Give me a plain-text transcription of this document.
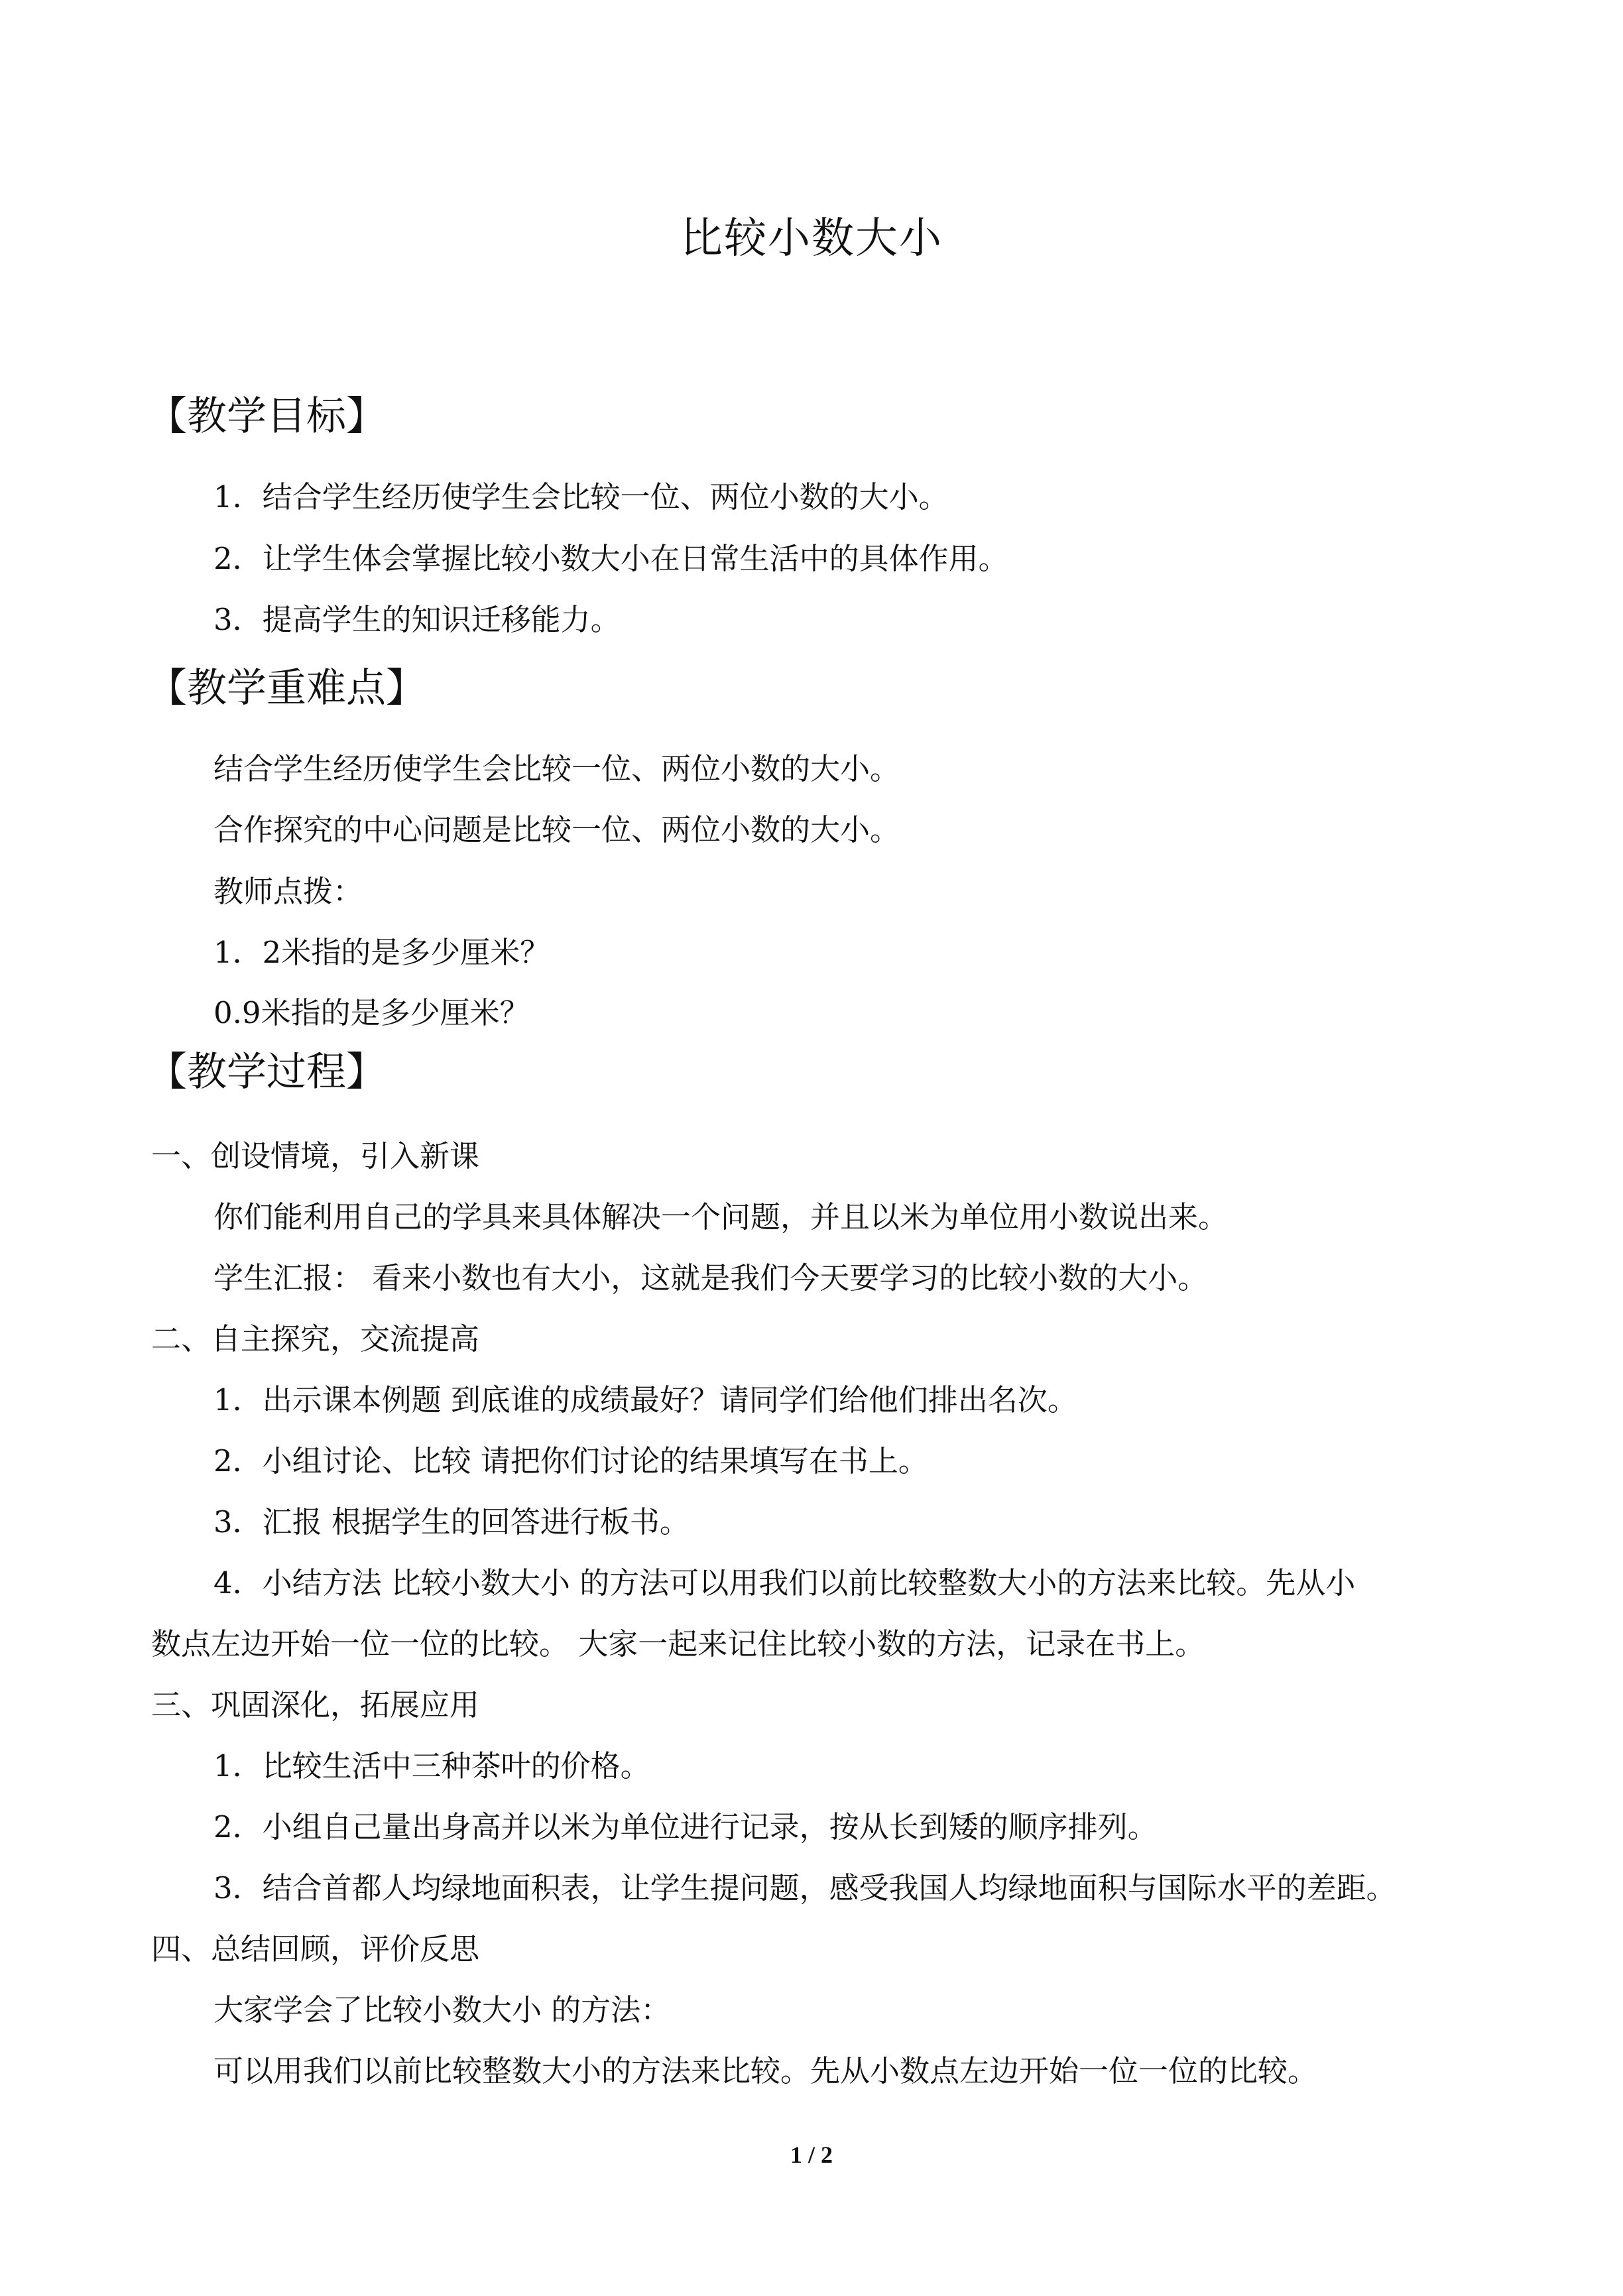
比较小数大小
【教学目标】
1．结合学生经历使学生会比较一位、两位小数的大小。
2．让学生体会掌握比较小数大小在日常生活中的具体作用。
3．提高学生的知识迁移能力。
【教学重难点】
结合学生经历使学生会比较一位、两位小数的大小。
合作探究的中心问题是比较一位、两位小数的大小。
教师点拨：
1．2米指的是多少厘米？
0.9米指的是多少厘米？
【教学过程】
一、创设情境，引入新课
你们能利用自己的学具来具体解决一个问题，并且以米为单位用小数说出来。
学生汇报： 看来小数也有大小，这就是我们今天要学习的比较小数的大小。
二、自主探究，交流提高
1．出示课本例题 到底谁的成绩最好？请同学们给他们排出名次。
2．小组讨论、比较 请把你们讨论的结果填写在书上。
3．汇报 根据学生的回答进行板书。
4．小结方法 比较小数大小 的方法可以用我们以前比较整数大小的方法来比较。先从小
数点左边开始一位一位的比较。 大家一起来记住比较小数的方法，记录在书上。
三、巩固深化，拓展应用
1．比较生活中三种茶叶的价格。
2．小组自己量出身高并以米为单位进行记录，按从长到矮的顺序排列。
3．结合首都人均绿地面积表，让学生提问题，感受我国人均绿地面积与国际水平的差距。
四、总结回顾，评价反思
大家学会了比较小数大小 的方法：
可以用我们以前比较整数大小的方法来比较。先从小数点左边开始一位一位的比较。
1 / 2
